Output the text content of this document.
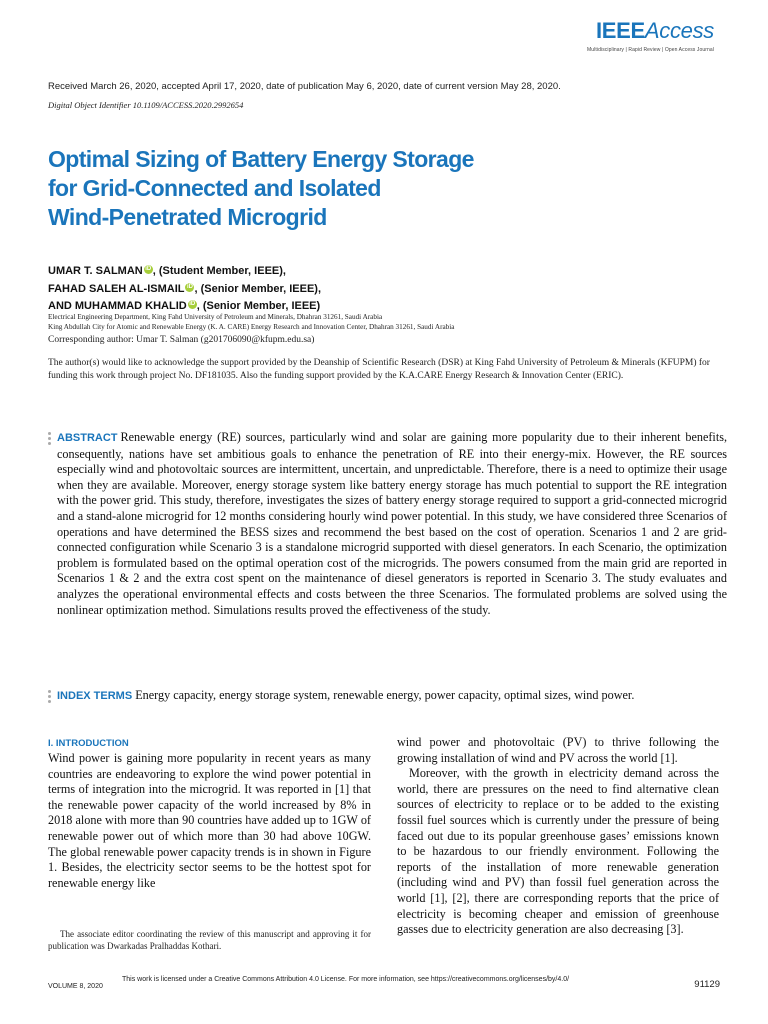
IEEEAccess
Multidisciplinary | Rapid Review | Open Access Journal
Received March 26, 2020, accepted April 17, 2020, date of publication May 6, 2020, date of current version May 28, 2020.
Digital Object Identifier 10.1109/ACCESS.2020.2992654
Optimal Sizing of Battery Energy Storage
for Grid-Connected and Isolated
Wind-Penetrated Microgrid
UMAR T. SALMAN iD , (Student Member, IEEE),
FAHAD SALEH AL-ISMAIL iD , (Senior Member, IEEE),
AND MUHAMMAD KHALID iD , (Senior Member, IEEE)
Electrical Engineering Department, King Fahd University of Petroleum and Minerals, Dhahran 31261, Saudi Arabia
King Abdullah City for Atomic and Renewable Energy (K. A. CARE) Energy Research and Innovation Center, Dhahran 31261, Saudi Arabia
Corresponding author: Umar T. Salman (g201706090@kfupm.edu.sa)
The author(s) would like to acknowledge the support provided by the Deanship of Scientific Research (DSR) at King Fahd University of Petroleum & Minerals (KFUPM) for funding this work through project No. DF181035. Also the funding support provided by the K.A.CARE Energy Research & Innovation Center (ERIC).
ABSTRACT Renewable energy (RE) sources, particularly wind and solar are gaining more popularity due to their inherent benefits, consequently, nations have set ambitious goals to enhance the penetration of RE into their energy-mix. However, the RE sources especially wind and photovoltaic sources are intermittent, uncertain, and unpredictable. Therefore, there is a need to optimize their usage when they are available. Moreover, energy storage system like battery energy storage has much potential to support the RE integration with the power grid. This study, therefore, investigates the sizes of battery energy storage required to support a grid-connected microgrid and a stand-alone microgrid for 12 months considering hourly wind power potential. In this study, we have considered three Scenarios of operations and have determined the BESS sizes and recommend the best based on the cost of operation. Scenarios 1 and 2 are grid-connected configuration while Scenario 3 is a standalone microgrid supported with diesel generators. In each Scenario, the optimization problem is formulated based on the optimal operation cost of the microgrids. The powers consumed from the main grid are reported in Scenarios 1 & 2 and the extra cost spent on the maintenance of diesel generators is reported in Scenario 3. The study evaluates and analyzes the operational environmental effects and costs between the three Scenarios. The formulated problems are solved using the nonlinear optimization method. Simulations results proved the effectiveness of the study.
INDEX TERMS Energy capacity, energy storage system, renewable energy, power capacity, optimal sizes, wind power.
I. INTRODUCTION

Wind power is gaining more popularity in recent years as many countries are endeavoring to explore the wind power potential in terms of integration into the microgrid. It was reported in [1] that the renewable power capacity of the world increased by 8% in 2018 alone with more than 90 countries have added up to 1GW of renewable power out of which more than 30 had above 10GW. The global renewable power capacity trends is in shown in Figure 1. Besides, the electricity sector seems to be the hottest spot for renewable energy like

wind power and photovoltaic (PV) to thrive following the growing installation of wind and PV across the world [1].

Moreover, with the growth in electricity demand across the world, there are pressures on the need to find alternative clean sources of electricity to replace or to be added to the existing fossil fuel sources which is currently under the pressure of being faced out due to its popular greenhouse gases’ emissions known to be hazardous to our friendly environment. Following the reports of the installation of more renewable generation (including wind and PV) than fossil fuel generation across the world [1], [2], there are corresponding reports that the price of electricity is becoming cheaper and emission of greenhouse gasses due to electricity generation are also decreasing [3].

The associate editor coordinating the review of this manuscript and approving it for publication was Dwarkadas Pralhaddas Kothari.

This work is licensed under a Creative Commons Attribution 4.0 License. For more information, see https://creativecommons.org/licenses/by/4.0/
VOLUME 8, 2020	91129
